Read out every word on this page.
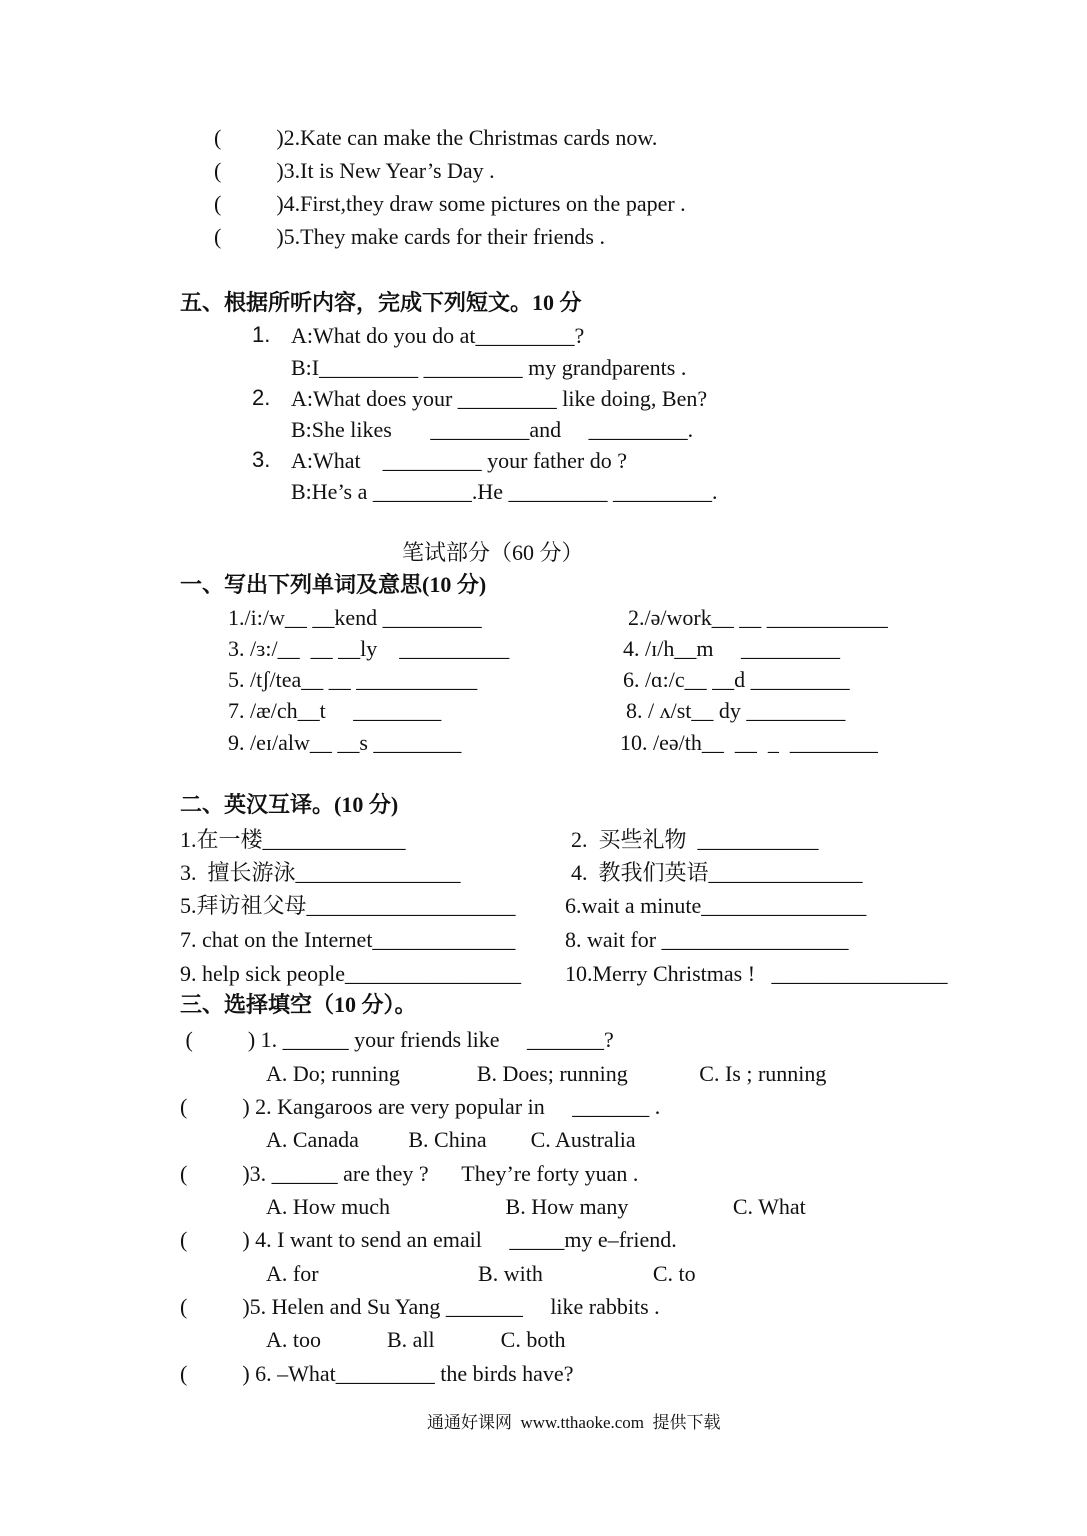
(          )2.Kate can make the Christmas cards now.
(          )3.It is New Year’s Day .
(          )4.First,they draw some pictures on the paper .
(          )5.They make cards for their friends .
五、根据所听内容，完成下列短文。10 分
1. A:What do you do at_________?
B:I_________ _________ my grandparents .
2. A:What does your _________ like doing, Ben?
B:She likes       _________and     _________.
3. A:What    _________ your father do ?
B:He’s a _________.He _________ _________.
笔试部分（60 分）
一、写出下列单词及意思(10 分)
1./i:/w__ __kend _________
3. /ɜ:/__  __ __ly    __________
5. /tʃ/tea__ __ ___________
7. /æ/ch__t     ________
9. /eɪ/alw__ __s ________
2./ə/work__ __ ___________
4. /ɪ/h__m     _________
6. /ɑ:/c__ __d _________
8. / ʌ/st__ dy _________
10. /eə/th__  __  _  ________
二、英汉互译。(10 分)
1.在一楼_____________
3.  擅长游泳_______________
5.拜访祖父母___________________
7. chat on the Internet_____________
9. help sick people________________
2.  买些礼物  ___________
4.  教我们英语______________
6.wait a minute_______________
8. wait for _________________
10.Merry Christmas !   ________________
三、选择填空（10 分）。
(          ) 1. ______ your friends like     _______?
A. Do; running              B. Does; running             C. Is ; running
(          ) 2. Kangaroos are very popular in     _______ .
A. Canada         B. China        C. Australia
(          )3. ______ are they ?      They’re forty yuan .
A. How much                     B. How many                   C. What
(          ) 4. I want to send an email     _____my e–friend.
A. for                             B. with                    C. to
(          )5. Helen and Su Yang _______     like rabbits .
A. too            B. all            C. both
(          ) 6. –What_________ the birds have?
通通好课网  www.tthaoke.com  提供下载
